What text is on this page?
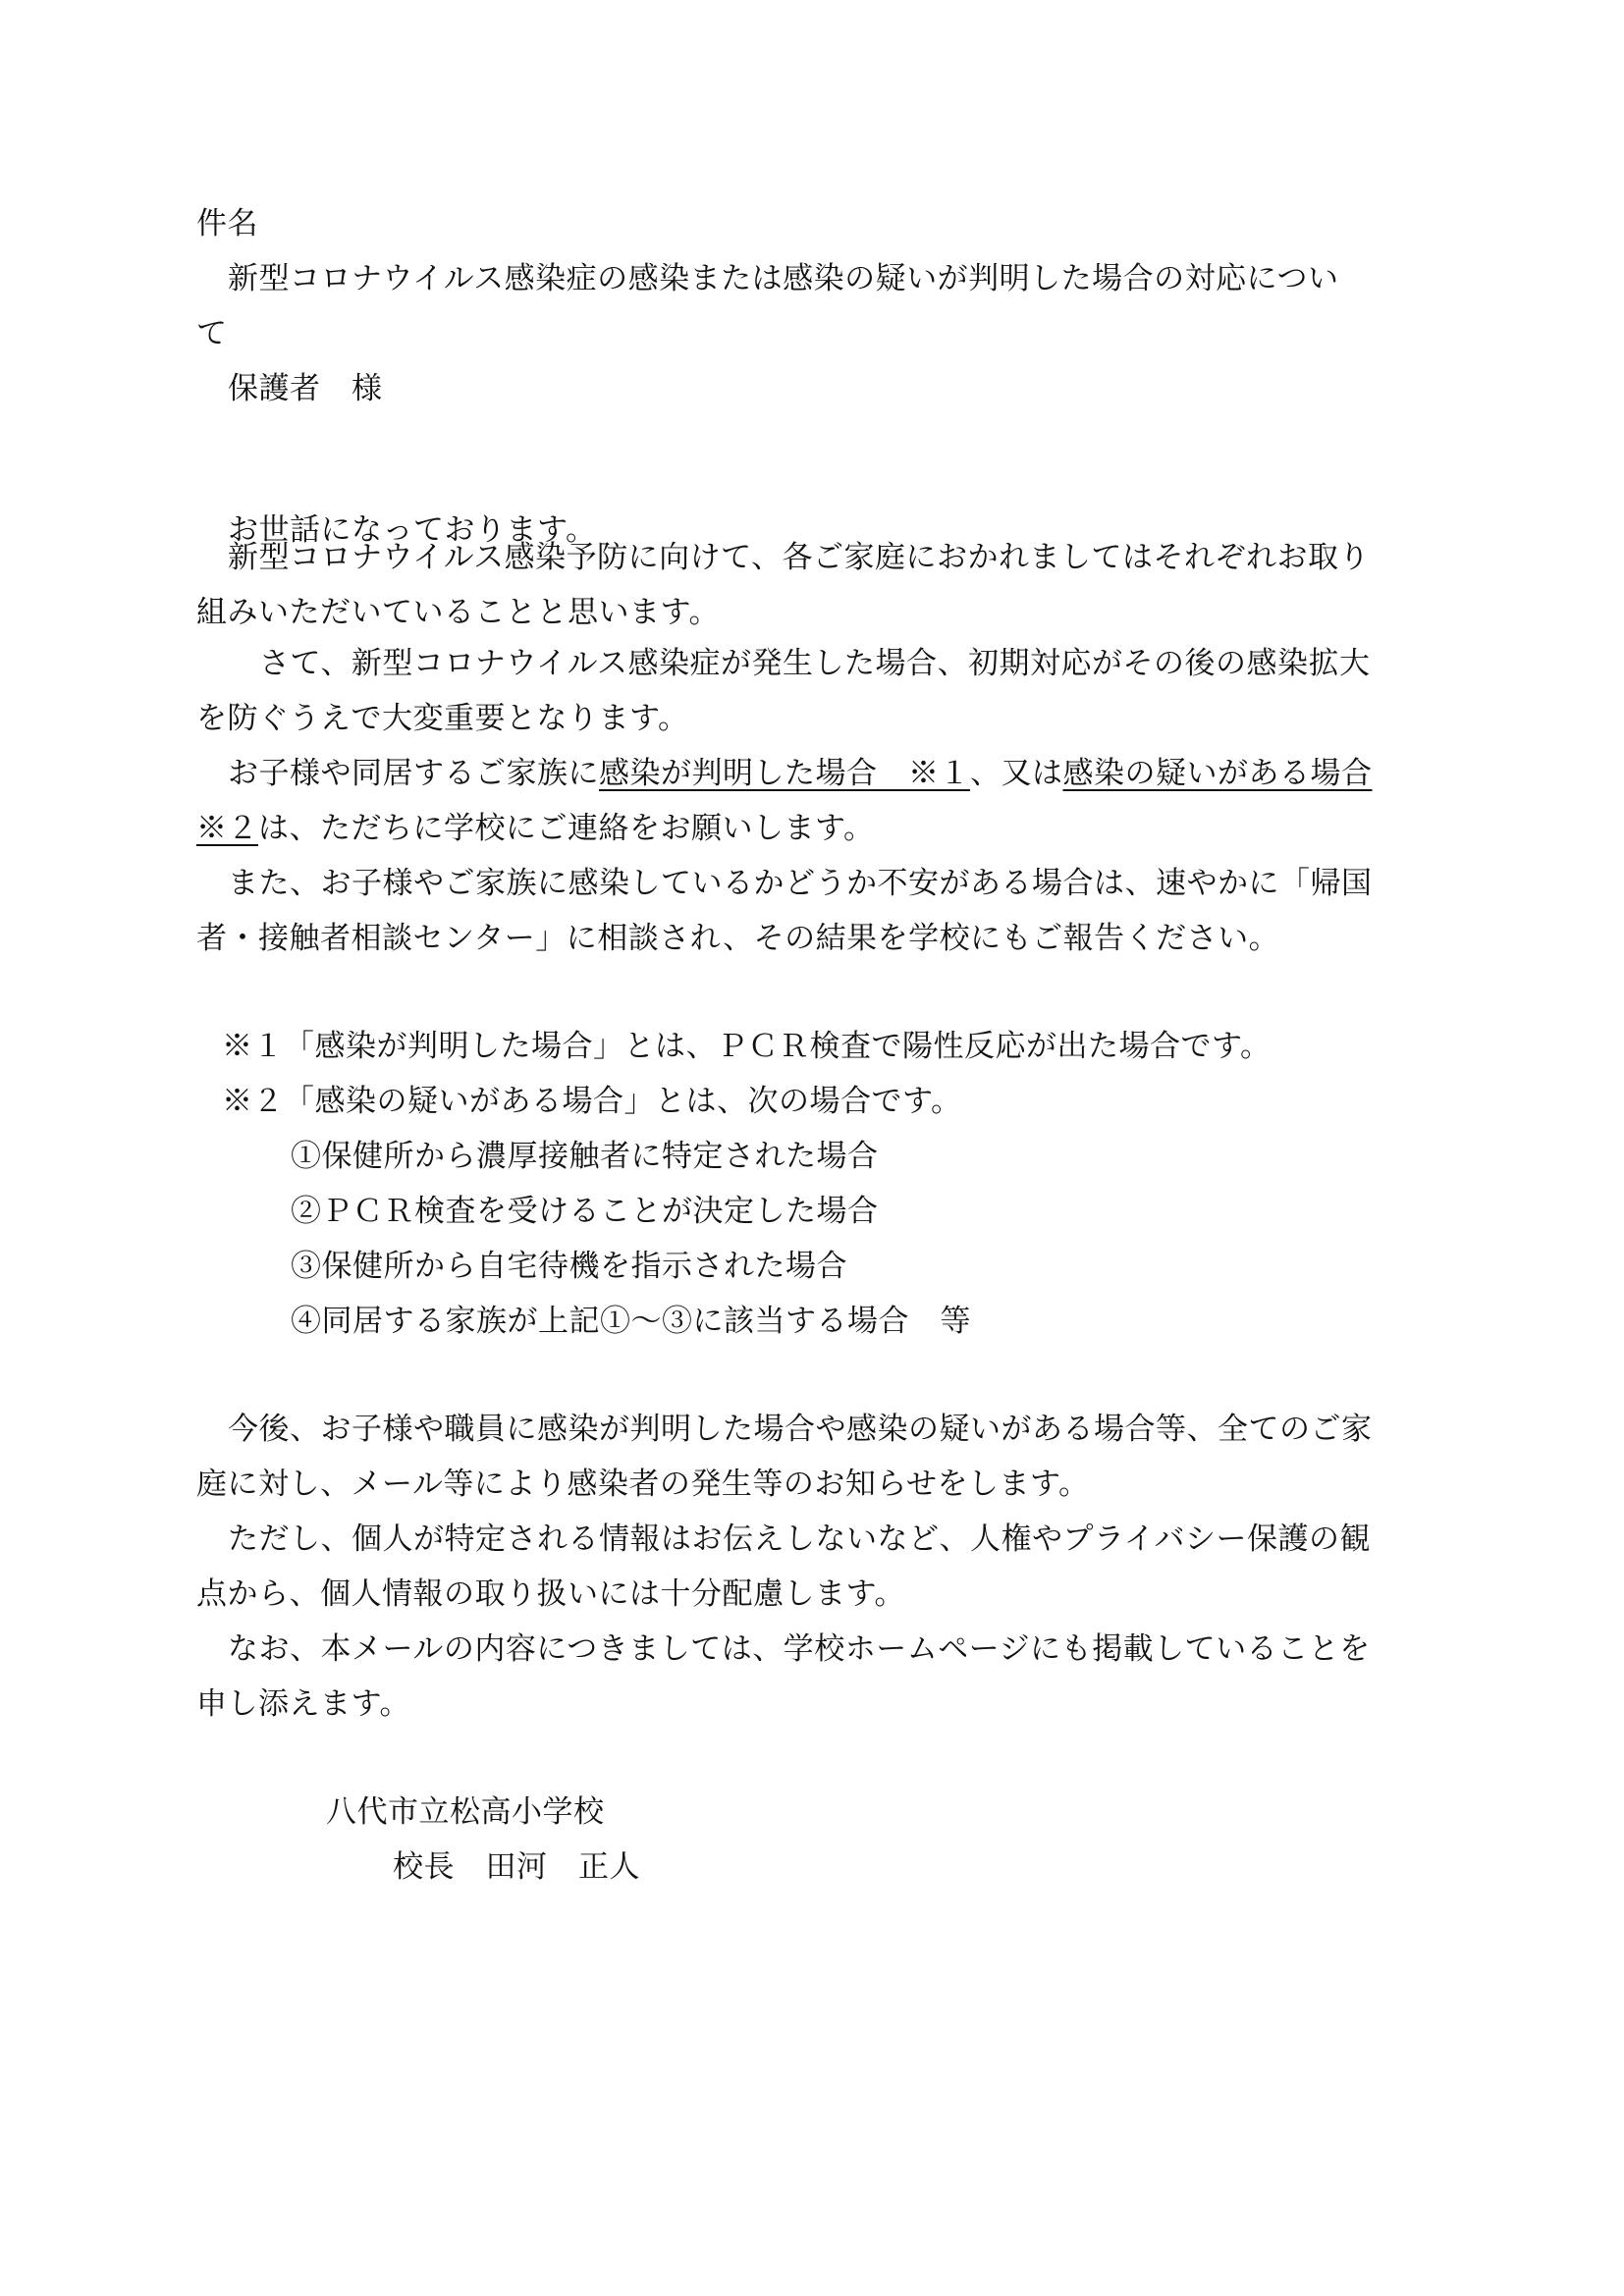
件名
新型コロナウイルス感染症の感染または感染の疑いが判明した場合の対応につい
て
保護者　様
お世話になっております。
新型コロナウイルス感染予防に向けて、各ご家庭におかれましてはそれぞれお取り
組みいただいていることと思います。
さて、新型コロナウイルス感染症が発生した場合、初期対応がその後の感染拡大
を防ぐうえで大変重要となります。
お子様や同居するご家族に感染が判明した場合　※１、又は感染の疑いがある場合
※２は、ただちに学校にご連絡をお願いします。
また、お子様やご家族に感染しているかどうか不安がある場合は、速やかに「帰国
者・接触者相談センター」に相談され、その結果を学校にもご報告ください。
※１「感染が判明した場合」とは、ＰＣＲ検査で陽性反応が出た場合です。
※２「感染の疑いがある場合」とは、次の場合です。
①保健所から濃厚接触者に特定された場合
②ＰＣＲ検査を受けることが決定した場合
③保健所から自宅待機を指示された場合
④同居する家族が上記①～③に該当する場合　等
今後、お子様や職員に感染が判明した場合や感染の疑いがある場合等、全てのご家
庭に対し、メール等により感染者の発生等のお知らせをします。
ただし、個人が特定される情報はお伝えしないなど、人権やプライバシー保護の観
点から、個人情報の取り扱いには十分配慮します。
なお、本メールの内容につきましては、学校ホームページにも掲載していることを
申し添えます。
八代市立松高小学校
校長　田河　正人
